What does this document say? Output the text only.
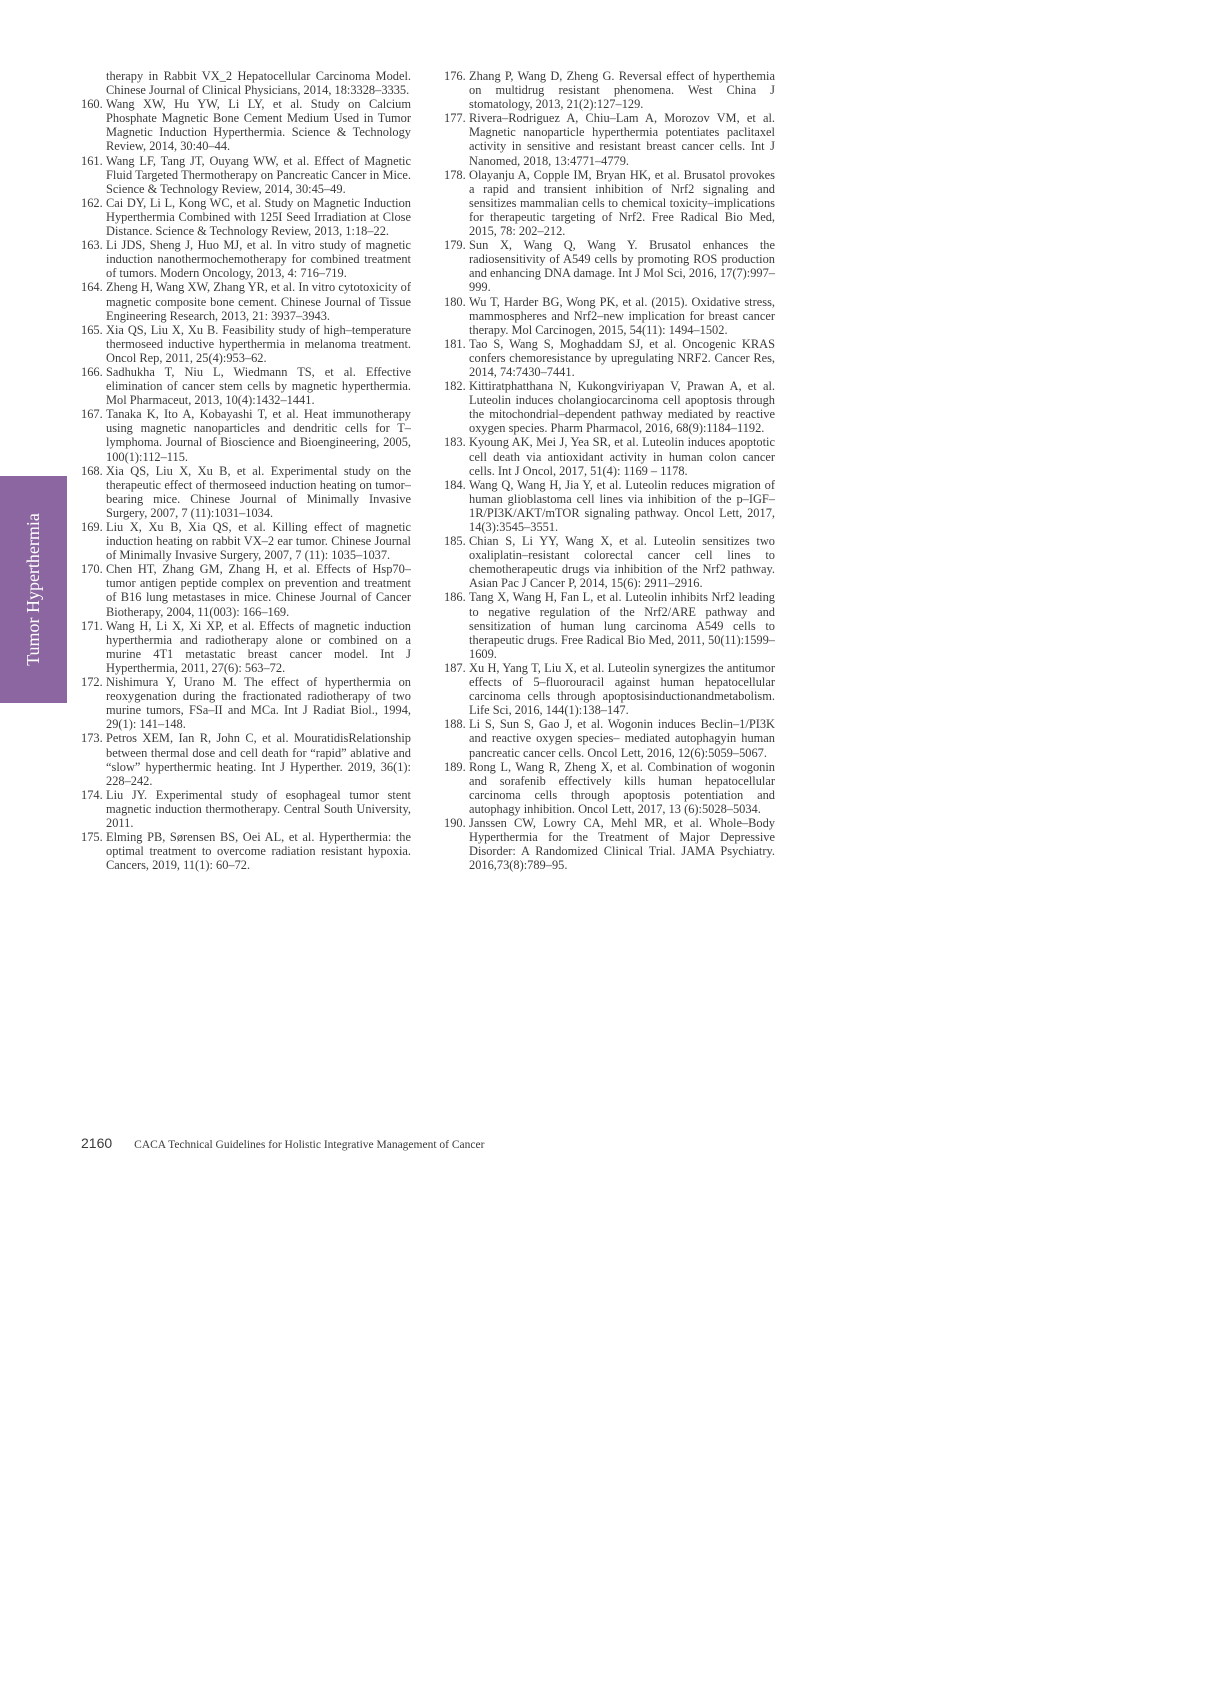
Tumor Hyperthermia
therapy in Rabbit VX_2 Hepatocellular Carcinoma Model. Chinese Journal of Clinical Physicians, 2014, 18:3328–3335.
160. Wang XW, Hu YW, Li LY, et al. Study on Calcium Phosphate Magnetic Bone Cement Medium Used in Tumor Magnetic Induction Hyperthermia. Science & Technology Review, 2014, 30:40–44.
161. Wang LF, Tang JT, Ouyang WW, et al. Effect of Magnetic Fluid Targeted Thermotherapy on Pancreatic Cancer in Mice. Science & Technology Review, 2014, 30:45–49.
162. Cai DY, Li L, Kong WC, et al. Study on Magnetic Induction Hyperthermia Combined with 125I Seed Irradiation at Close Distance. Science & Technology Review, 2013, 1:18–22.
163. Li JDS, Sheng J, Huo MJ, et al. In vitro study of magnetic induction nanothermochemotherapy for combined treatment of tumors. Modern Oncology, 2013, 4: 716–719.
164. Zheng H, Wang XW, Zhang YR, et al. In vitro cytotoxicity of magnetic composite bone cement. Chinese Journal of Tissue Engineering Research, 2013, 21: 3937–3943.
165. Xia QS, Liu X, Xu B. Feasibility study of high–temperature thermoseed inductive hyperthermia in melanoma treatment. Oncol Rep, 2011, 25(4):953–62.
166. Sadhukha T, Niu L, Wiedmann TS, et al. Effective elimination of cancer stem cells by magnetic hyperthermia. Mol Pharmaceut, 2013, 10(4):1432–1441.
167. Tanaka K, Ito A, Kobayashi T, et al. Heat immunotherapy using magnetic nanoparticles and dendritic cells for T–lymphoma. Journal of Bioscience and Bioengineering, 2005, 100(1):112–115.
168. Xia QS, Liu X, Xu B, et al. Experimental study on the therapeutic effect of thermoseed induction heating on tumor–bearing mice. Chinese Journal of Minimally Invasive Surgery, 2007, 7 (11):1031–1034.
169. Liu X, Xu B, Xia QS, et al. Killing effect of magnetic induction heating on rabbit VX–2 ear tumor. Chinese Journal of Minimally Invasive Surgery, 2007, 7 (11): 1035–1037.
170. Chen HT, Zhang GM, Zhang H, et al. Effects of Hsp70–tumor antigen peptide complex on prevention and treatment of B16 lung metastases in mice. Chinese Journal of Cancer Biotherapy, 2004, 11(003): 166–169.
171. Wang H, Li X, Xi XP, et al. Effects of magnetic induction hyperthermia and radiotherapy alone or combined on a murine 4T1 metastatic breast cancer model. Int J Hyperthermia, 2011, 27(6): 563–72.
172. Nishimura Y, Urano M. The effect of hyperthermia on reoxygenation during the fractionated radiotherapy of two murine tumors, FSa–II and MCa. Int J Radiat Biol., 1994, 29(1): 141–148.
173. Petros XEM, Ian R, John C, et al. MouratidisRelationship between thermal dose and cell death for “rapid” ablative and “slow” hyperthermic heating. Int J Hyperther. 2019, 36(1): 228–242.
174. Liu JY. Experimental study of esophageal tumor stent magnetic induction thermotherapy. Central South University, 2011.
175. Elming PB, Sørensen BS, Oei AL, et al. Hyperthermia: the optimal treatment to overcome radiation resistant hypoxia. Cancers, 2019, 11(1): 60–72.
176. Zhang P, Wang D, Zheng G. Reversal effect of hyperthemia on multidrug resistant phenomena. West China J stomatology, 2013, 21(2):127–129.
177. Rivera–Rodriguez A, Chiu–Lam A, Morozov VM, et al. Magnetic nanoparticle hyperthermia potentiates paclitaxel activity in sensitive and resistant breast cancer cells. Int J Nanomed, 2018, 13:4771–4779.
178. Olayanju A, Copple IM, Bryan HK, et al. Brusatol provokes a rapid and transient inhibition of Nrf2 signaling and sensitizes mammalian cells to chemical toxicity–implications for therapeutic targeting of Nrf2. Free Radical Bio Med, 2015, 78: 202–212.
179. Sun X, Wang Q, Wang Y. Brusatol enhances the radiosensitivity of A549 cells by promoting ROS production and enhancing DNA damage. Int J Mol Sci, 2016, 17(7):997–999.
180. Wu T, Harder BG, Wong PK, et al. (2015). Oxidative stress, mammospheres and Nrf2–new implication for breast cancer therapy. Mol Carcinogen, 2015, 54(11): 1494–1502.
181. Tao S, Wang S, Moghaddam SJ, et al. Oncogenic KRAS confers chemoresistance by upregulating NRF2. Cancer Res, 2014, 74:7430–7441.
182. Kittiratphatthana N, Kukongviriyapan V, Prawan A, et al. Luteolin induces cholangiocarcinoma cell apoptosis through the mitochondrial–dependent pathway mediated by reactive oxygen species. Pharm Pharmacol, 2016, 68(9):1184–1192.
183. Kyoung AK, Mei J, Yea SR, et al. Luteolin induces apoptotic cell death via antioxidant activity in human colon cancer cells. Int J Oncol, 2017, 51(4): 1169 – 1178.
184. Wang Q, Wang H, Jia Y, et al. Luteolin reduces migration of human glioblastoma cell lines via inhibition of the p–IGF–1R/PI3K/AKT/mTOR signaling pathway. Oncol Lett, 2017, 14(3):3545–3551.
185. Chian S, Li YY, Wang X, et al. Luteolin sensitizes two oxaliplatin–resistant colorectal cancer cell lines to chemotherapeutic drugs via inhibition of the Nrf2 pathway. Asian Pac J Cancer P, 2014, 15(6): 2911–2916.
186. Tang X, Wang H, Fan L, et al. Luteolin inhibits Nrf2 leading to negative regulation of the Nrf2/ARE pathway and sensitization of human lung carcinoma A549 cells to therapeutic drugs. Free Radical Bio Med, 2011, 50(11):1599–1609.
187. Xu H, Yang T, Liu X, et al. Luteolin synergizes the antitumor effects of 5–fluorouracil against human hepatocellular carcinoma cells through apoptosisinductionandmetabolism. Life Sci, 2016, 144(1):138–147.
188. Li S, Sun S, Gao J, et al. Wogonin induces Beclin–1/PI3K and reactive oxygen species– mediated autophagyin human pancreatic cancer cells. Oncol Lett, 2016, 12(6):5059–5067.
189. Rong L, Wang R, Zheng X, et al. Combination of wogonin and sorafenib effectively kills human hepatocellular carcinoma cells through apoptosis potentiation and autophagy inhibition. Oncol Lett, 2017, 13 (6):5028–5034.
190. Janssen CW, Lowry CA, Mehl MR, et al. Whole–Body Hyperthermia for the Treatment of Major Depressive Disorder: A Randomized Clinical Trial. JAMA Psychiatry. 2016,73(8):789–95.
2160 CACA Technical Guidelines for Holistic Integrative Management of Cancer
